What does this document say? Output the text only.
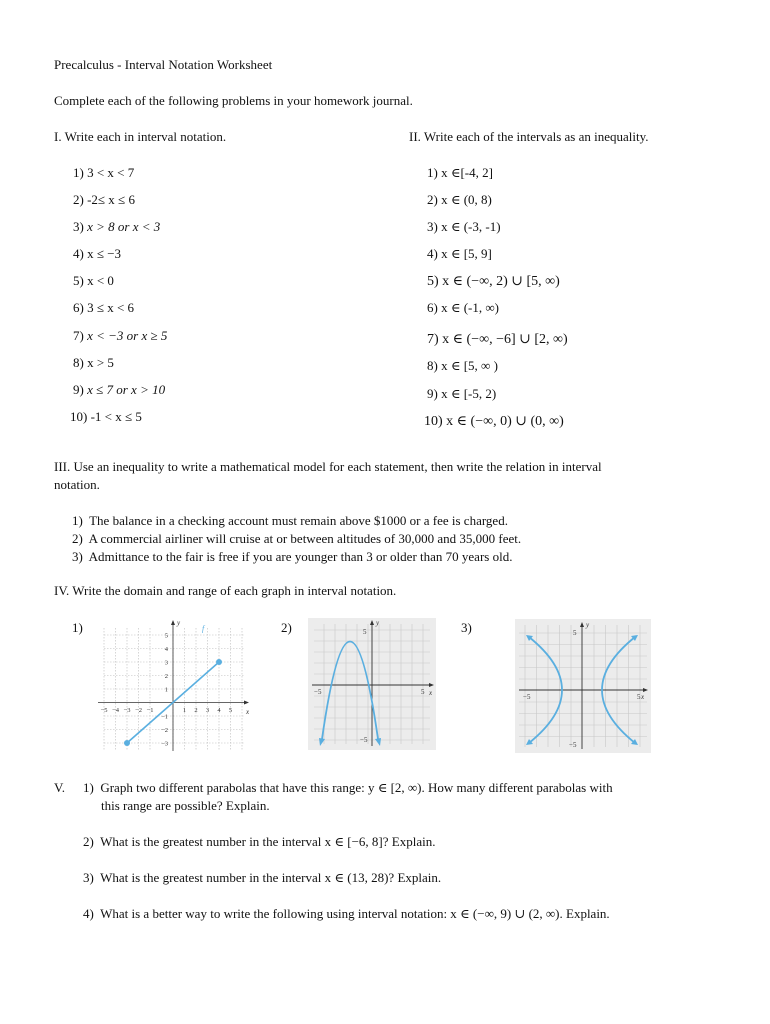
Precalculus - Interval Notation Worksheet
Complete each of the following problems in your homework journal.
I. Write each in interval notation.
1) 3 < x < 7
2) -2≤ x ≤ 6
3) x > 8 or x < 3
4) x ≤ −3
5) x < 0
6) 3 ≤ x < 6
7) x < −3 or x ≥ 5
8) x > 5
9) x ≤ 7 or x > 10
10) -1 < x ≤ 5
II. Write each of the intervals as an inequality.
1) x ∈[-4, 2]
2) x ∈ (0, 8)
3) x ∈ (-3, -1)
4) x ∈ [5, 9]
5) x ∈ (−∞, 2) ∪ [5, ∞)
6) x ∈ (-1, ∞)
7) x ∈ (−∞, −6] ∪ [2, ∞)
8) x ∈ [5, ∞ )
9) x ∈ [-5, 2)
10) x ∈ (−∞, 0) ∪ (0, ∞)
III. Use an inequality to write a mathematical model for each statement, then write the relation in interval
notation.
1) The balance in a checking account must remain above $1000 or a fee is charged.
2) A commercial airliner will cruise at or between altitudes of 30,000 and 35,000 feet.
3) Admittance to the fair is free if you are younger than 3 or older than 70 years old.
IV. Write the domain and range of each graph in interval notation.
1)	2)	3)
y
x
f
−5 −4 −3 −2 −1	1 2 3 4 5
5
4
3
2
1
−1
−2
−3
y
x
5
−5	5
−5
y
x
5
−5	5
−5
V. 1) Graph two different parabolas that have this range: y ∈ [2, ∞). How many different parabolas with
this range are possible? Explain.
2) What is the greatest number in the interval x ∈ [−6, 8]? Explain.
3) What is the greatest number in the interval x ∈ (13, 28)? Explain.
4) What is a better way to write the following using interval notation: x ∈ (−∞, 9) ∪ (2, ∞). Explain.
